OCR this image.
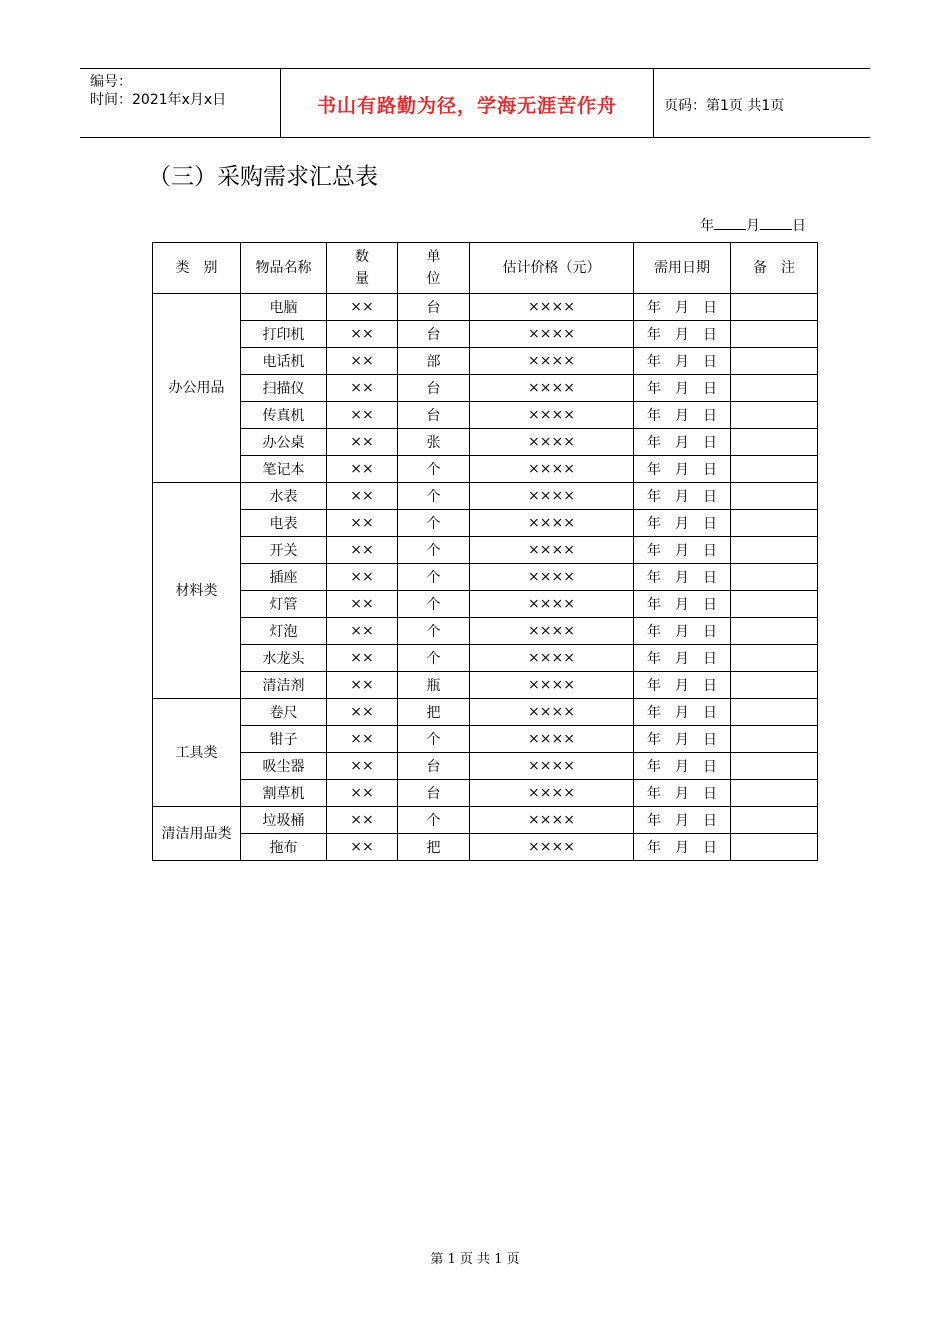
编号：
时间：2021年x月x日	书山有路勤为径，学海无涯苦作舟	页码：第1页 共1页
（三）采购需求汇总表
年 月 日
类　别	物品名称	数量	单位	估计价格（元）	需用日期	备　注
办公用品	电脑	××	台	××××	年　月　日	
	打印机	××	台	××××	年　月　日	
	电话机	××	部	××××	年　月　日	
	扫描仪	××	台	××××	年　月　日	
	传真机	××	台	××××	年　月　日	
	办公桌	××	张	××××	年　月　日	
	笔记本	××	个	××××	年　月　日	
材料类	水表	××	个	××××	年　月　日	
	电表	××	个	××××	年　月　日	
	开关	××	个	××××	年　月　日	
	插座	××	个	××××	年　月　日	
	灯管	××	个	××××	年　月　日	
	灯泡	××	个	××××	年　月　日	
	水龙头	××	个	××××	年　月　日	
	清洁剂	××	瓶	××××	年　月　日	
工具类	卷尺	××	把	××××	年　月　日	
	钳子	××	个	××××	年　月　日	
	吸尘器	××	台	××××	年　月　日	
	割草机	××	台	××××	年　月　日	
清洁用品类	垃圾桶	××	个	××××	年　月　日	
	拖布	××	把	××××	年　月　日	
第 1 页 共 1 页
